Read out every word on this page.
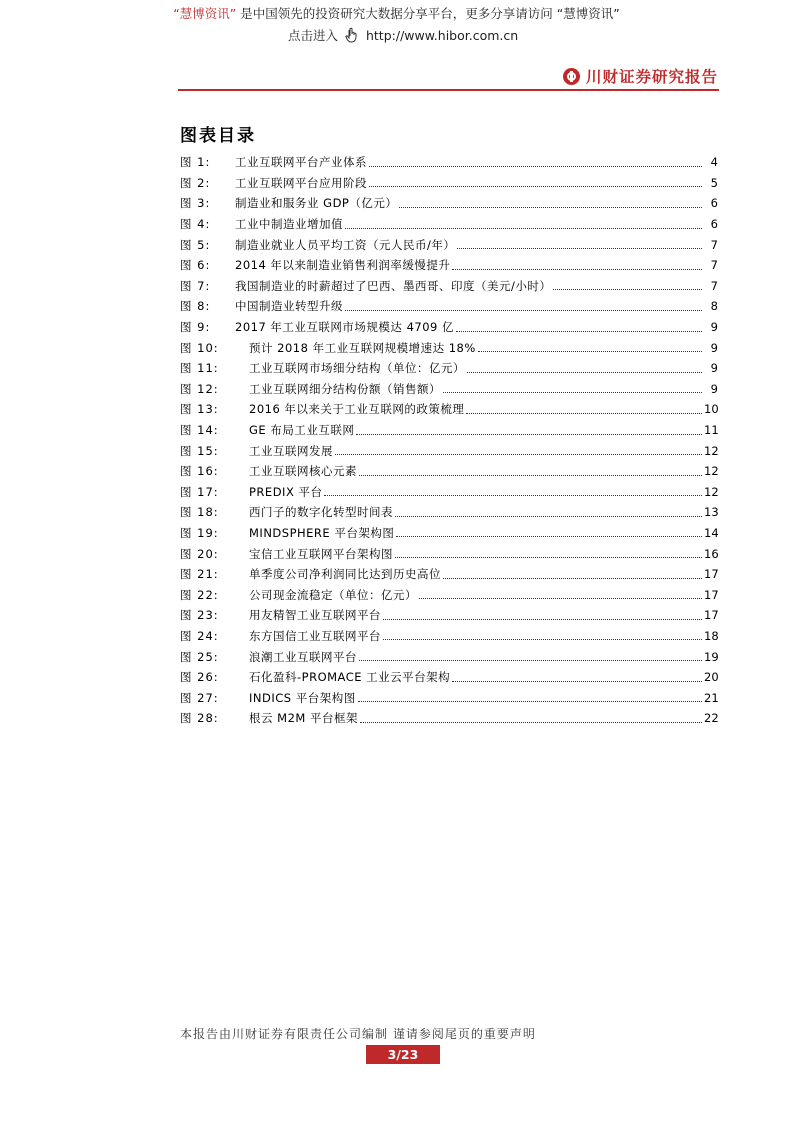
“慧博资讯” 是中国领先的投资研究大数据分享平台，更多分享请访问 “慧博资讯”
点击进入 http://www.hibor.com.cn
川财证券研究报告
图表目录
图 1:	工业互联网平台产业体系	4
图 2:	工业互联网平台应用阶段	5
图 3:	制造业和服务业 GDP（亿元）	6
图 4:	工业中制造业增加值	6
图 5:	制造业就业人员平均工资（元人民币/年）	7
图 6:	2014 年以来制造业销售利润率缓慢提升	7
图 7:	我国制造业的时薪超过了巴西、墨西哥、印度（美元/小时）	7
图 8:	中国制造业转型升级	8
图 9:	2017 年工业互联网市场规模达 4709 亿	9
图 10:	预计 2018 年工业互联网规模增速达 18%	9
图 11:	工业互联网市场细分结构（单位：亿元）	9
图 12:	工业互联网细分结构份额（销售额）	9
图 13:	2016 年以来关于工业互联网的政策梳理	10
图 14:	GE 布局工业互联网	11
图 15:	工业互联网发展	12
图 16:	工业互联网核心元素	12
图 17:	PREDIX 平台	12
图 18:	西门子的数字化转型时间表	13
图 19:	MINDSPHERE 平台架构图	14
图 20:	宝信工业互联网平台架构图	16
图 21:	单季度公司净利润同比达到历史高位	17
图 22:	公司现金流稳定（单位：亿元）	17
图 23:	用友精智工业互联网平台	17
图 24:	东方国信工业互联网平台	18
图 25:	浪潮工业互联网平台	19
图 26:	石化盈科-PROMACE 工业云平台架构	20
图 27:	INDICS 平台架构图	21
图 28:	根云 M2M 平台框架	22
本报告由川财证券有限责任公司编制 谨请参阅尾页的重要声明
3/23
